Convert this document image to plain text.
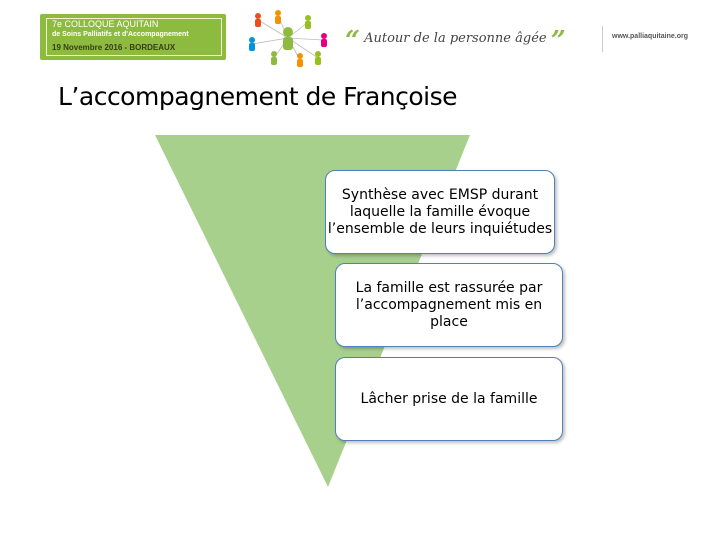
7e COLLOQUE AQUITAIN
de Soins Palliatifs et d'Accompagnement
19 Novembre 2016 - BORDEAUX	“ Autour de la personne âgée ”	www.palliaquitaine.org
L’accompagnement de Françoise
Synthèse avec EMSP durant laquelle la famille évoque l’ensemble de leurs inquiétudes
La famille est rassurée par l’accompagnement mis en place
Lâcher prise de la famille
